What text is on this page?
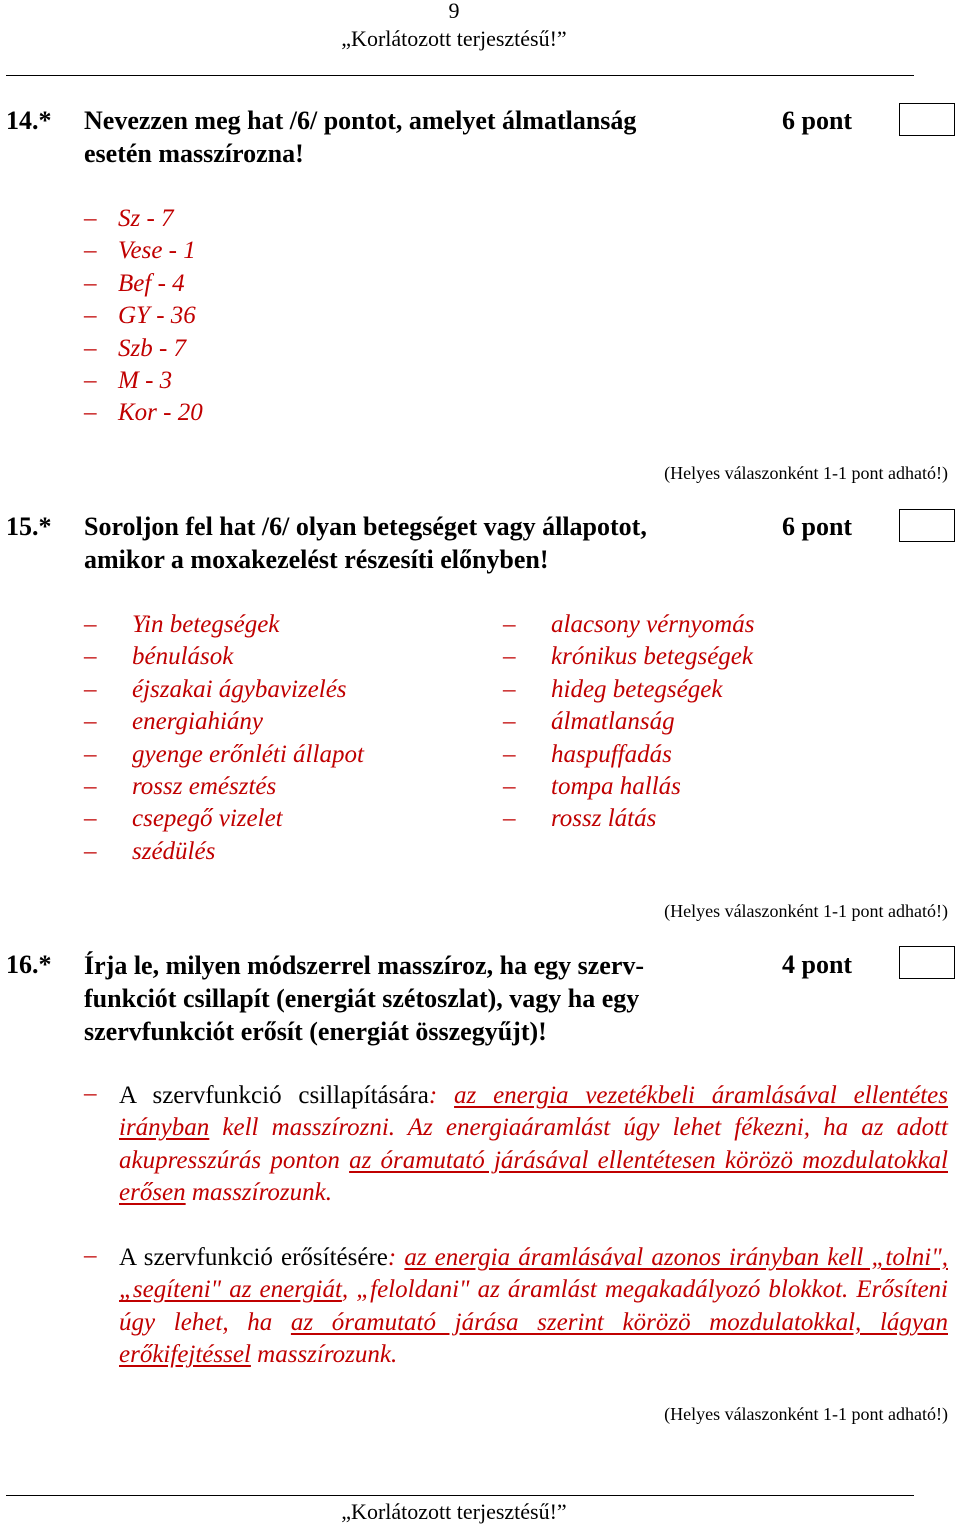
9
„Korlátozott terjesztésű!”
14.* Nevezzen meg hat /6/ pontot, amelyet álmatlanság
esetén masszírozna!
6 pont
– Sz - 7
– Vese - 1
– Bef - 4
– GY - 36
– Szb - 7
– M - 3
– Kor - 20
(Helyes válaszonként 1-1 pont adható!)
15.* Soroljon fel hat /6/ olyan betegséget vagy állapotot,
amikor a moxakezelést részesíti előnyben!
6 pont
– Yin betegségek
– bénulások
– éjszakai ágybavizelés
– energiahiány
– gyenge erőnléti állapot
– rossz emésztés
– csepegő vizelet
– szédülés
– alacsony vérnyomás
– krónikus betegségek
– hideg betegségek
– álmatlanság
– haspuffadás
– tompa hallás
– rossz látás
(Helyes válaszonként 1-1 pont adható!)
16.* Írja le, milyen módszerrel masszíroz, ha egy szerv-
funkciót csillapít (energiát szétoszlat), vagy ha egy
szervfunkciót erősít (energiát összegyűjt)!
4 pont
– A szervfunkció csillapítására: az energia vezetékbeli áramlásával ellentétes irányban kell masszírozni. Az energiaáramlást úgy lehet fékezni, ha az adott akupresszúrás ponton az óramutató járásával ellentétesen körözö mozdulatokkal erősen masszírozunk.
– A szervfunkció erősítésére: az energia áramlásával azonos irányban kell „tolni", „segíteni" az energiát, „feloldani" az áramlást megakadályozó blokkot. Erősíteni úgy lehet, ha az óramutató járása szerint körözö mozdulatokkal, lágyan erőkifejtéssel masszírozunk.
(Helyes válaszonként 1-1 pont adható!)
„Korlátozott terjesztésű!”
